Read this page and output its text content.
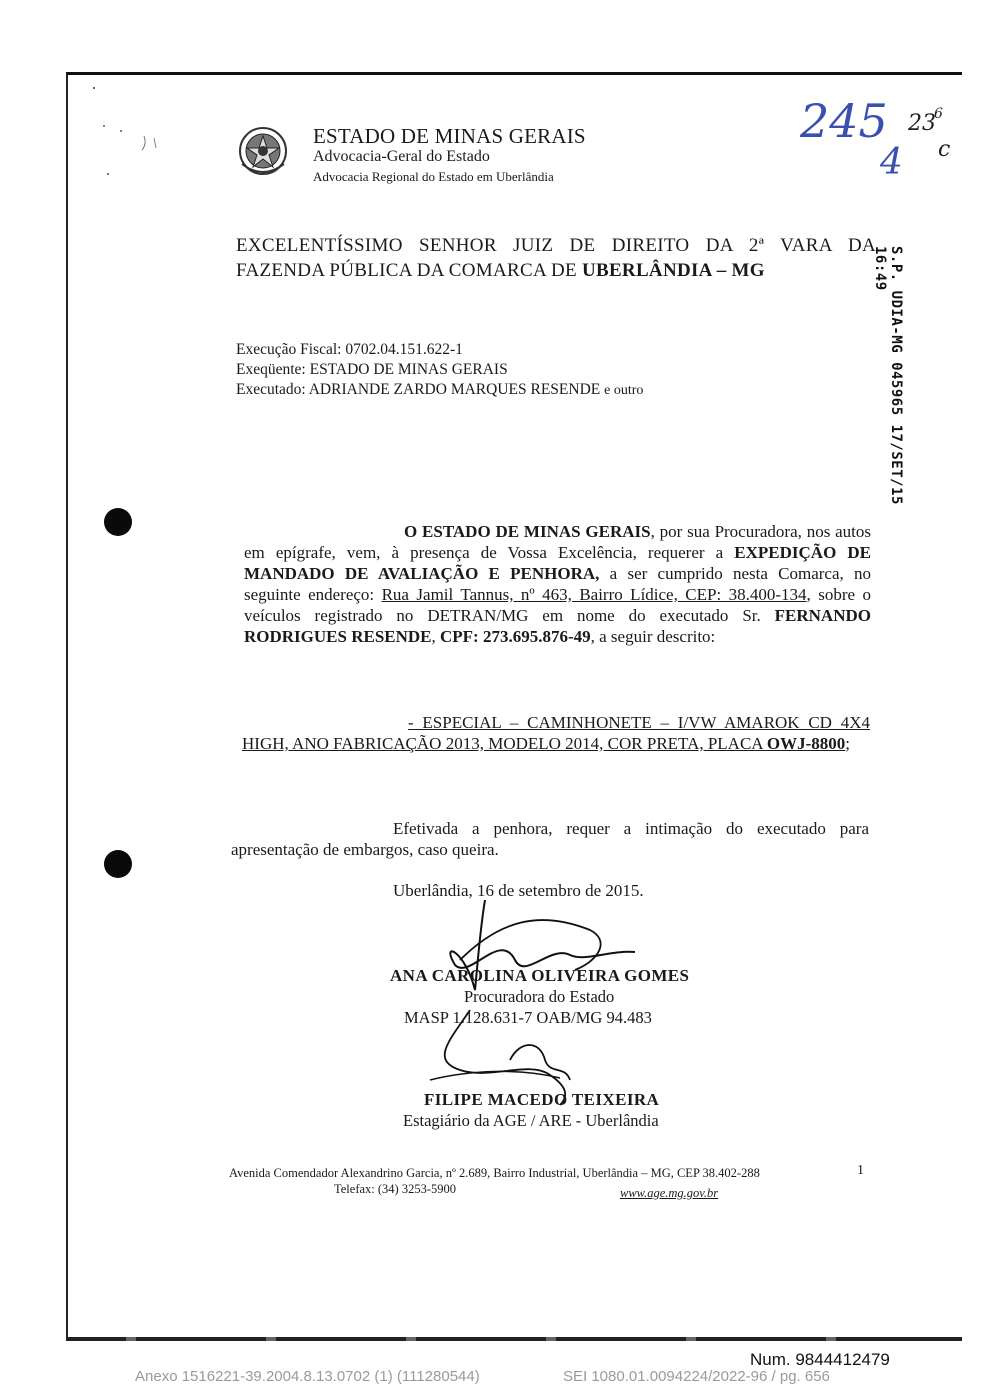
ESTADO DE MINAS GERAIS
Advocacia-Geral do Estado
Advocacia Regional do Estado em Uberlândia
245
4
23
6
c
S.P. UDIA-MG 045965 17/SET/15 16:49
EXCELENTÍSSIMO SENHOR JUIZ DE DIREITO DA 2ª VARA DA FAZENDA PÚBLICA DA COMARCA DE UBERLÂNDIA – MG
Execução Fiscal: 0702.04.151.622-1
Exeqüente: ESTADO DE MINAS GERAIS
Executado: ADRIANDE ZARDO MARQUES RESENDE e outro
O ESTADO DE MINAS GERAIS, por sua Procuradora, nos autos em epígrafe, vem, à presença de Vossa Excelência, requerer a EXPEDIÇÃO DE MANDADO DE AVALIAÇÃO E PENHORA, a ser cumprido nesta Comarca, no seguinte endereço: Rua Jamil Tannus, nº 463, Bairro Lídice, CEP: 38.400-134, sobre o veículos registrado no DETRAN/MG em nome do executado Sr. FERNANDO RODRIGUES RESENDE, CPF: 273.695.876-49, a seguir descrito:
- ESPECIAL – CAMINHONETE – I/VW AMAROK CD 4X4 HIGH, ANO FABRICAÇÃO 2013, MODELO 2014, COR PRETA, PLACA OWJ-8800;
Efetivada a penhora, requer a intimação do executado para apresentação de embargos, caso queira.
Uberlândia, 16 de setembro de 2015.
ANA CAROLINA OLIVEIRA GOMES
Procuradora do Estado
MASP 1.128.631-7 OAB/MG 94.483
FILIPE MACEDO TEIXEIRA
Estagiário da AGE / ARE - Uberlândia
Avenida Comendador Alexandrino Garcia, nº 2.689, Bairro Industrial, Uberlândia – MG, CEP 38.402-288
Telefax: (34) 3253-5900	www.age.mg.gov.br
1
Num. 9844412479
Anexo 1516221-39.2004.8.13.0702 (1) (111280544)	SEI 1080.01.0094224/2022-96 / pg. 656
